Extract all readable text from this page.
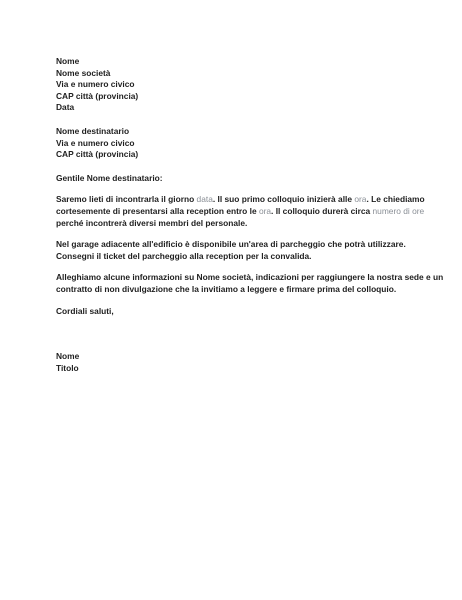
Nome
Nome società
Via e numero civico
CAP città (provincia)
Data
Nome destinatario
Via e numero civico
CAP città (provincia)
Gentile Nome destinatario:
Saremo lieti di incontrarla il giorno data. Il suo primo colloquio inizierà alle ora. Le chiediamo
cortesemente di presentarsi alla reception entro le ora. Il colloquio durerà circa numero di ore
perché incontrerà diversi membri del personale.
Nel garage adiacente all'edificio è disponibile un'area di parcheggio che potrà utilizzare.
Consegni il ticket del parcheggio alla reception per la convalida.
Alleghiamo alcune informazioni su Nome società, indicazioni per raggiungere la nostra sede e un
contratto di non divulgazione che la invitiamo a leggere e firmare prima del colloquio.
Cordiali saluti,
Nome
Titolo
